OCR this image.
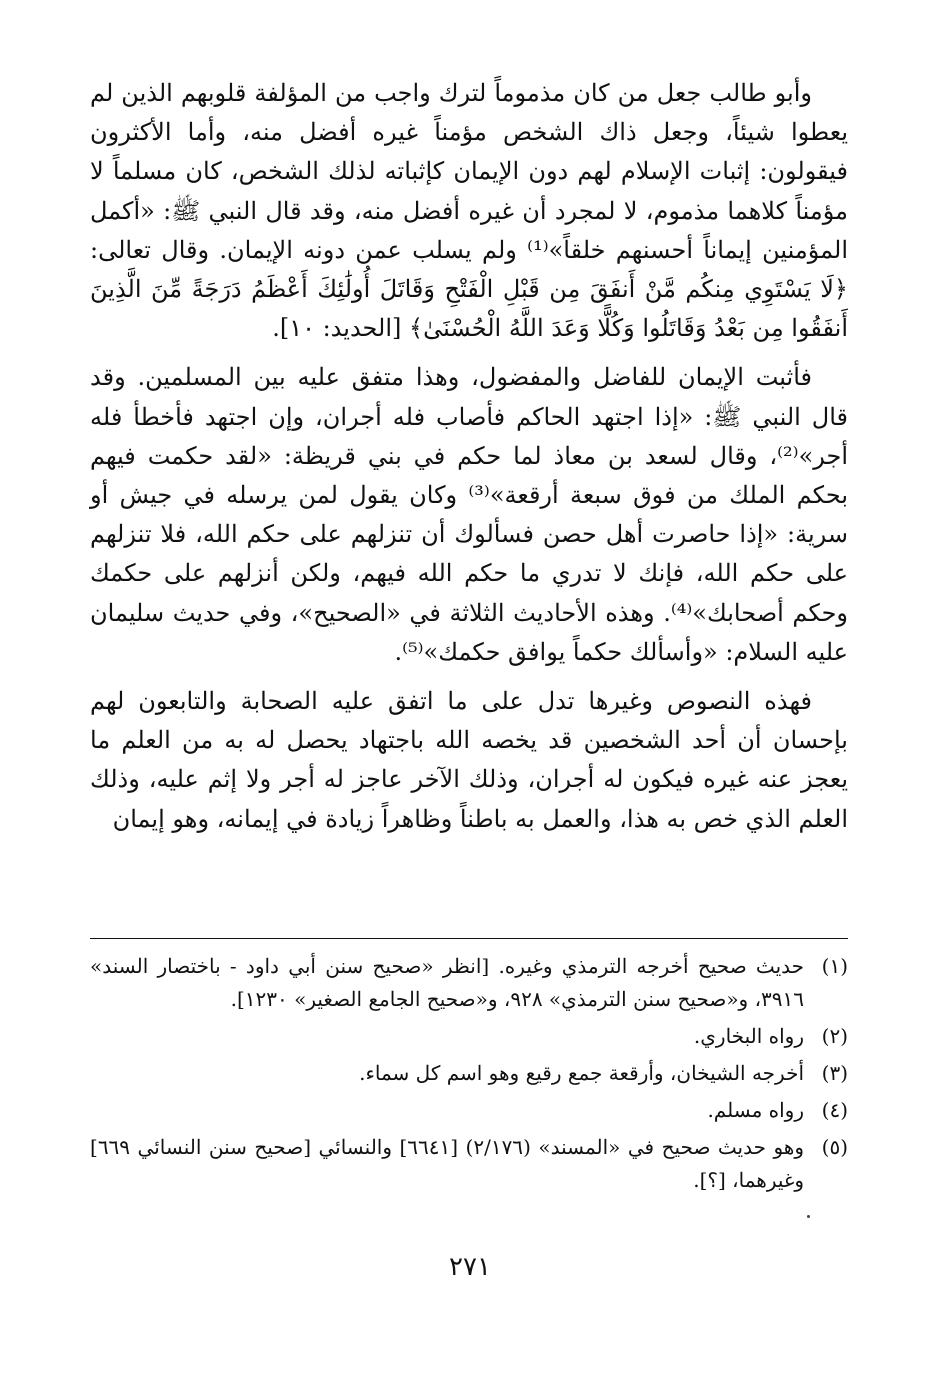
وأبو طالب جعل من كان مذموماً لترك واجب من المؤلفة قلوبهم الذين لم يعطوا شيئاً، وجعل ذاك الشخص مؤمناً غيره أفضل منه، وأما الأكثرون فيقولون: إثبات الإسلام لهم دون الإيمان كإثباته لذلك الشخص، كان مسلماً لا مؤمناً كلاهما مذموم، لا لمجرد أن غيره أفضل منه، وقد قال النبي ﷺ: «أكمل المؤمنين إيماناً أحسنهم خلقاً»⁽¹⁾ ولم يسلب عمن دونه الإيمان. وقال تعالى: ﴿لَا يَسْتَوِي مِنكُم مَّنْ أَنفَقَ مِن قَبْلِ الْفَتْحِ وَقَاتَلَ أُولَٰئِكَ أَعْظَمُ دَرَجَةً مِّنَ الَّذِينَ أَنفَقُوا مِن بَعْدُ وَقَاتَلُوا وَكُلًّا وَعَدَ اللَّهُ الْحُسْنَىٰ﴾ [الحديد: ١٠].

فأثبت الإيمان للفاضل والمفضول، وهذا متفق عليه بين المسلمين. وقد قال النبي ﷺ: «إذا اجتهد الحاكم فأصاب فله أجران، وإن اجتهد فأخطأ فله أجر»⁽²⁾، وقال لسعد بن معاذ لما حكم في بني قريظة: «لقد حكمت فيهم بحكم الملك من فوق سبعة أرقعة»⁽³⁾ وكان يقول لمن يرسله في جيش أو سرية: «إذا حاصرت أهل حصن فسألوك أن تنزلهم على حكم الله، فلا تنزلهم على حكم الله، فإنك لا تدري ما حكم الله فيهم، ولكن أنزلهم على حكمك وحكم أصحابك»⁽⁴⁾. وهذه الأحاديث الثلاثة في «الصحيح»، وفي حديث سليمان عليه السلام: «وأسألك حكماً يوافق حكمك»⁽⁵⁾.

فهذه النصوص وغيرها تدل على ما اتفق عليه الصحابة والتابعون لهم بإحسان أن أحد الشخصين قد يخصه الله باجتهاد يحصل له به من العلم ما يعجز عنه غيره فيكون له أجران، وذلك الآخر عاجز له أجر ولا إثم عليه، وذلك العلم الذي خص به هذا، والعمل به باطناً وظاهراً زيادة في إيمانه، وهو إيمان

(١)
حديث صحيح أخرجه الترمذي وغيره. [انظر «صحيح سنن أبي داود - باختصار السند» ٣٩١٦، و«صحيح سنن الترمذي» ٩٢٨، و«صحيح الجامع الصغير» ١٢٣٠].
(٢)
رواه البخاري.
(٣)
أخرجه الشيخان، وأرقعة جمع رقيع وهو اسم كل سماء.
(٤)
رواه مسلم.
(٥)
وهو حديث صحيح في «المسند» (٢/١٧٦) [٦٦٤١] والنسائي [صحيح سنن النسائي ٦٦٩] وغيرهما، [؟].
٢٧١
